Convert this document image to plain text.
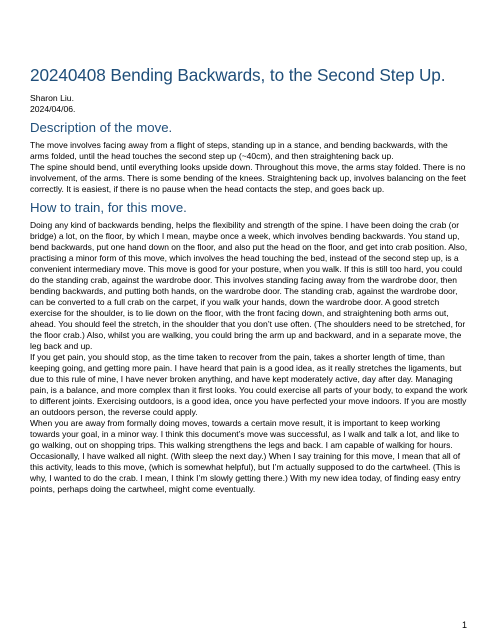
20240408 Bending Backwards, to the Second Step Up.
Sharon Liu.
2024/04/06.
Description of the move.

The move involves facing away from a flight of steps, standing up in a stance, and bending backwards, with the arms folded, until the head touches the second step up (~40cm), and then straightening back up.

The spine should bend, until everything looks upside down. Throughout this move, the arms stay folded. There is no involvement, of the arms. There is some bending of the knees. Straightening back up, involves balancing on the feet correctly. It is easiest, if there is no pause when the head contacts the step, and goes back up.

How to train, for this move.

Doing any kind of backwards bending, helps the flexibility and strength of the spine. I have been doing the crab (or bridge) a lot, on the floor, by which I mean, maybe once a week, which involves bending backwards. You stand up, bend backwards, put one hand down on the floor, and also put the head on the floor, and get into crab position. Also, practising a minor form of this move, which involves the head touching the bed, instead of the second step up, is a convenient intermediary move. This move is good for your posture, when you walk. If this is still too hard, you could do the standing crab, against the wardrobe door. This involves standing facing away from the wardrobe door, then bending backwards, and putting both hands, on the wardrobe door. The standing crab, against the wardrobe door, can be converted to a full crab on the carpet, if you walk your hands, down the wardrobe door. A good stretch exercise for the shoulder, is to lie down on the floor, with the front facing down, and straightening both arms out, ahead. You should feel the stretch, in the shoulder that you don’t use often. (The shoulders need to be stretched, for the floor crab.) Also, whilst you are walking, you could bring the arm up and backward, and in a separate move, the leg back and up.

If you get pain, you should stop, as the time taken to recover from the pain, takes a shorter length of time, than keeping going, and getting more pain. I have heard that pain is a good idea, as it really stretches the ligaments, but due to this rule of mine, I have never broken anything, and have kept moderately active, day after day. Managing pain, is a balance, and more complex than it first looks. You could exercise all parts of your body, to expand the work to different joints. Exercising outdoors, is a good idea, once you have perfected your move indoors. If you are mostly an outdoors person, the reverse could apply.

When you are away from formally doing moves, towards a certain move result, it is important to keep working towards your goal, in a minor way. I think this document’s move was successful, as I walk and talk a lot, and like to go walking, out on shopping trips. This walking strengthens the legs and back. I am capable of walking for hours. Occasionally, I have walked all night. (With sleep the next day.) When I say training for this move, I mean that all of this activity, leads to this move, (which is somewhat helpful), but I’m actually supposed to do the cartwheel. (This is why, I wanted to do the crab. I mean, I think I’m slowly getting there.) With my new idea today, of finding easy entry points, perhaps doing the cartwheel, might come eventually.

1
